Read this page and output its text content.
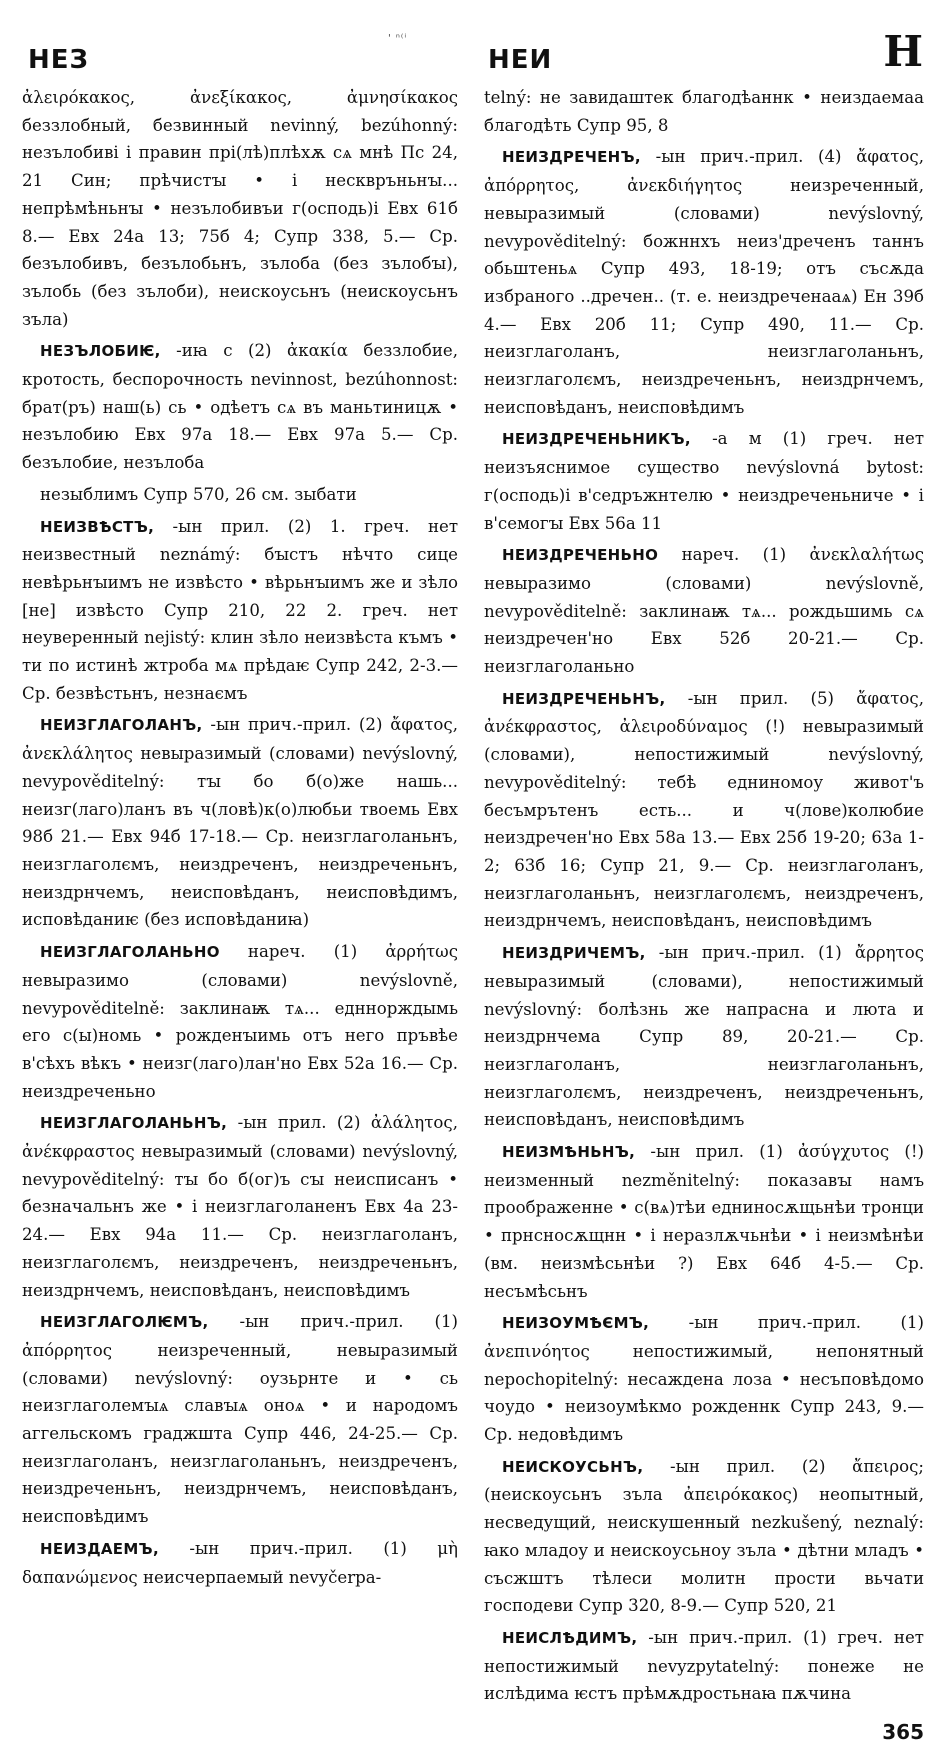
НЕЗ
' ⁿ⁽ⁱ
НЕИ	Н

ἀλειρόκακος, ἀνεξίκακος, ἀμνησίκακος беззлобный, безвинный nevinný, bezúhonný: незълобиві і правин прі(лѣ)плѣхѫ сѧ мнѣ Пс 24, 21 Син; прѣчистꙑ • і несквръньнꙑ... непрѣмѣньнꙑ • незълобивъи г(осподь)і Евх 61б 8.— Евх 24а 13; 75б 4; Супр 338, 5.— Ср. безълобивъ, безълобьнъ, зълоба (без зълобꙑ), зълобь (без зълоби), неискоусьнъ (неискоусьнъ зъла)

НЕЗЪЛОБИѤ, -иꙗ с (2) ἀκακία беззлобие, кротость, беспорочность nevinnost, bezúhonnost: брат(ръ) наш(ь) сь • одѣетъ сѧ въ маньтиницѫ • незълобию Евх 97а 18.— Евх 97а 5.— Ср. безълобие, незълоба

незыблимъ Супр 570, 26 см. зыбати

НЕИЗВѢСТЪ, -ын прил. (2) 1. греч. нет неизвестный neznámý: бꙑстъ нѣчто сице невѣрьнꙑимъ не извѣсто • вѣрьнꙑимъ же и зѣло [не] извѣсто Супр 210, 22 2. греч. нет неуверенный nejistý: клин зѣло неизвѣста къмъ • ти по истинѣ жтроба мѧ прѣдаѥ Супр 242, 2-3.— Ср. безвѣстьнъ, незнаємъ

НЕИЗГЛАГОЛАНЪ, -ын прич.-прил. (2) ἄφατος, ἀνεκλάλητος невыразимый (словами) nevýslovný, nevypověditelný: тꙑ бо б(о)же нашь... неизг(лаго)ланъ въ ч(ловѣ)к(о)любьи твоемь Евх 98б 21.— Евх 94б 17-18.— Ср. неизглаголаньнъ, неизглаголємъ, неиздреченъ, неиздреченьнъ, неиздрнчемъ, неисповѣданъ, неисповѣдимъ, исповѣданиѥ (без исповѣданиꙗ)

НЕИЗГЛАГОЛАНЬНО нареч. (1) ἀρρήτως невыразимо (словами) nevýslovně, nevypověditelně: заклинаѭ тѧ... едннорждымь его с(ы)номь • рожденꙑимь отъ него пръвѣе в'сѣхъ вѣкъ • неизг(лаго)лан'но Евх 52а 16.— Ср. неиздреченьно

НЕИЗГЛАГОЛАНЬНЪ, -ын прил. (2) ἀλάλητος, ἀνέκφραστος невыразимый (словами) nevýslovný, nevypověditelný: тꙑ бо б(ог)ъ сꙑ неисписанъ • безначальнъ же • і неизглаголаненъ Евх 4а 23-24.— Евх 94а 11.— Ср. неизглаголанъ, неизглаголємъ, неиздреченъ, неиздреченьнъ, неиздрнчемъ, неисповѣданъ, неисповѣдимъ

НЕИЗГЛАГОЛѤМЪ, -ын прич.-прил. (1) ἀπόρρητος неизреченный, невыразимый (словами) nevýslovný: оузьрнте и • сь неизглаголемꙑѧ славꙑѧ оноѧ • и народомъ аггельскомъ граджшта Супр 446, 24-25.— Ср. неизглаголанъ, неизглаголаньнъ, неиздреченъ, неиздреченьнъ, неиздрнчемъ, неисповѣданъ, неисповѣдимъ

НЕИЗДАЕМЪ, -ын прич.-прил. (1) μὴ δαπανώμενος неисчерпаемый nevyčerpa-

telný: не завидаштек благодѣаннк • неиздаемаа благодѣть Супр 95, 8

НЕИЗДРЕЧЕНЪ, -ын прич.-прил. (4) ἄφατος, ἀπόρρητος, ἀνεκδιήγητος неизреченный, невыразимый (словами) nevýslovný, nevypověditelný: божннхъ неиз'дреченъ таннъ обьштеньѧ Супр 493, 18-19; отъ съсѫда избраного ..дречен.. (т. е. неиздреченааѧ) Ен 39б 4.— Евх 20б 11; Супр 490, 11.— Ср. неизглаголанъ, неизглаголаньнъ, неизглаголємъ, неиздреченьнъ, неиздрнчемъ, неисповѣданъ, неисповѣдимъ

НЕИЗДРЕЧЕНЬНИКЪ, -а м (1) греч. нет неизъяснимое существо nevýslovná bytost: г(осподь)і в'седръжнтелю • неиздреченьниче • і в'семогꙑ Евх 56а 11

НЕИЗДРЕЧЕНЬНО нареч. (1) ἀνεκλαλήτως невыразимо (словами) nevýslovně, nevypověditelně: заклинаѭ тѧ... рождьшимь сѧ неиздречен'но Евх 52б 20-21.— Ср. неизглаголаньно

НЕИЗДРЕЧЕНЬНЪ, -ын прил. (5) ἄφατος, ἀνέκφραστος, ἀλειροδύναμος (!) невыразимый (словами), непостижимый nevýslovný, nevypověditelný: тебѣ едниномоу живот'ъ бесъмрътенъ есть... и ч(лове)колюбие неиздречен'но Евх 58а 13.— Евх 25б 19-20; 63а 1-2; 63б 16; Супр 21, 9.— Ср. неизглаголанъ, неизглаголаньнъ, неизглаголємъ, неиздреченъ, неиздрнчемъ, неисповѣданъ, неисповѣдимъ

НЕИЗДРИЧЕМЪ, -ын прич.-прил. (1) ἄρρητος невыразимый (словами), непостижимый nevýslovný: болѣзнь же напрасна и люта и неиздрнчема Супр 89, 20-21.— Ср. неизглаголанъ, неизглаголаньнъ, неизглаголємъ, неиздреченъ, неиздреченьнъ, неисповѣданъ, неисповѣдимъ

НЕИЗМѢНЬНЪ, -ын прил. (1) ἀσύγχυτος (!) неизменный nezměnitelný: показавꙑ намъ проображенне • с(вѧ)тѣи едниносѫщьнѣи тронци • прнсносѫщнн • і неразлѫчьнѣи • і неизмѣнѣи (вм. неизмѣсьнѣи ?) Евх 64б 4-5.— Ср. несъмѣсьнъ

НЕИЗОУМѢЄМЪ, -ын прич.-прил. (1) ἀνεπινόητος непостижимый, непонятный nepochopitelný: несаждена лоза • несъповѣдомо чоудо • неизоумѣкмо рожденнк Супр 243, 9.— Ср. недовѣдимъ

НЕИСКОУСЬНЪ, -ын прил. (2) ἄπειρος; (неискоусьнъ зъла ἀπειρόκακος) неопытный, несведущий, неискушенный nezkušený, neznalý: ꙗко младоу и неискоусьноу зъла • дѣтни младъ • съсжштъ тѣлеси молитн прости вьчати господеви Супр 320, 8-9.— Супр 520, 21

НЕИСЛѢДИМЪ, -ын прич.-прил. (1) греч. нет непостижимый nevyzpytatelný: понеже не ислѣдима ѥстъ прѣмѫдростьнаꙗ пѫчина

365
